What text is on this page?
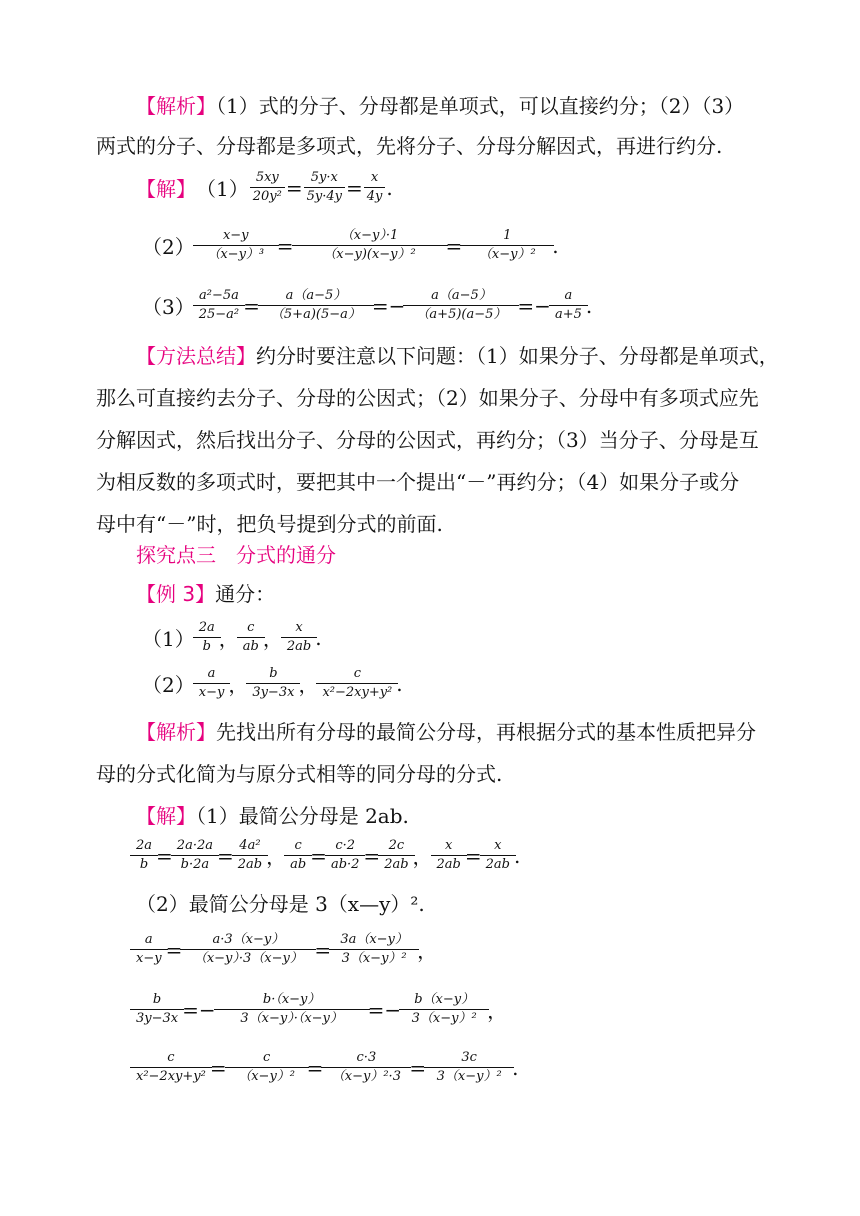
【解析】（1）式的分子、分母都是单项式，可以直接约分；（2）（3）
两式的分子、分母都是多项式，先将分子、分母分解因式，再进行约分.
【解】 $(1) \frac{5xy}{\text{20y²}} = \frac{5y\cdot x}{5y\cdot 4y} = \frac{x}{4y}$ .
$(2) \frac{x-y}{\text{（x−y）³}} = \frac{(x-y)\cdot 1}{\text{（x−y)(x−y）²}} = \frac{1}{\text{（x−y）²}}$ .
$(3) \frac{\text{a²−5a}}{\text{25−a²}} = \frac{a(a-5)}{(5+a)(5-a)} =- \frac{a(a-5)}{(a+5)(a-5)} =- \frac{a}{a+5}$ .
【方法总结】约分时要注意以下问题：（1）如果分子、分母都是单项式，
那么可直接约去分子、分母的公因式；（2）如果分子、分母中有多项式应先
分解因式，然后找出分子、分母的公因式，再约分；（3）当分子、分母是互
为相反数的多项式时，要把其中一个提出“－”再约分；（4）如果分子或分
母中有“－”时，把负号提到分式的前面.
探究点三　分式的通分
【例 3】通分：
$(1) \frac{2a}{b}$ ， $\frac{c}{ab}$ ， $\frac{x}{2ab}$ .
$(2) \frac{a}{x-y}$ ， $\frac{b}{3y-3x}$ ， $\frac{c}{\text{x²−2xy+y²}}$ .
【解析】先找出所有分母的最简公分母，再根据分式的基本性质把异分
母的分式化简为与原分式相等的同分母的分式.
【解】（1）最简公分母是 2ab.
$\frac{2a}{b} = \frac{2a\cdot 2a}{b\cdot 2a} = \frac{\text{4a²}}{2ab}$ ， $\frac{c}{ab} = \frac{c\cdot 2}{ab\cdot 2} = \frac{2c}{2ab}$ ， $\frac{x}{2ab} = \frac{x}{2ab}$ .
（2）最简公分母是 3（x—y）².
$\frac{a}{x-y} = \frac{a\cdot 3(x-y)}{(x-y)\cdot 3(x-y)} = \frac{3a(x-y)}{\text{3（x−y）²}}$ ，
$\frac{b}{3y-3x} =- \frac{b\cdot(x-y)}{3(x-y)\cdot(x-y)} =- \frac{b(x-y)}{\text{3（x−y）²}}$ ，
$\frac{c}{\text{x²−2xy+y²}} = \frac{c}{\text{（x−y）²}} = \frac{c\cdot 3}{\text{（x−y）²·3}} = \frac{3c}{\text{3（x−y）²}}$ .
